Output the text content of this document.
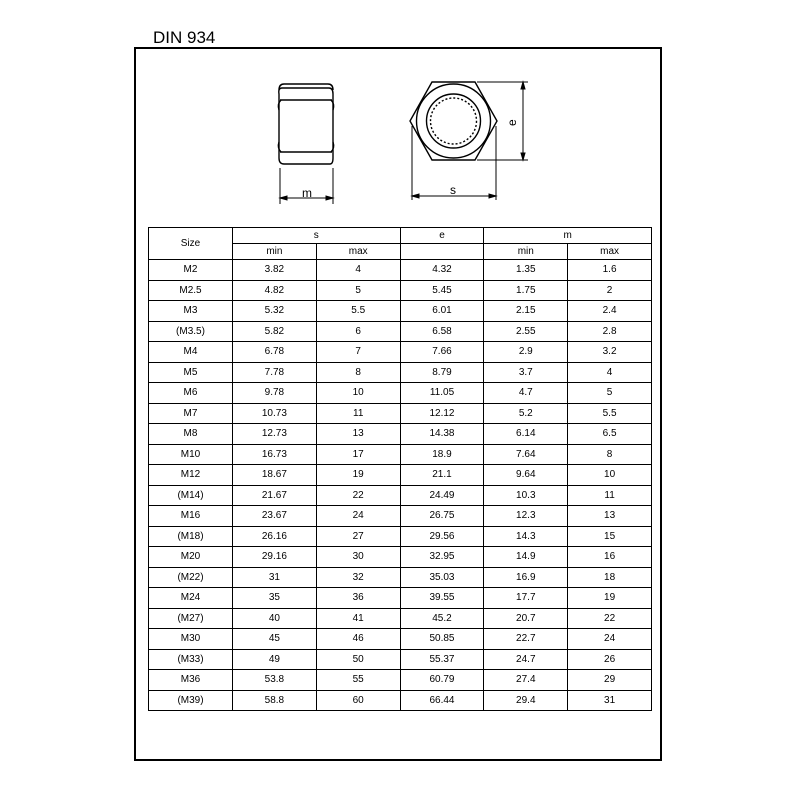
DIN 934
m	s
e
Size	s		e	m	
	min	max		min	max
M2	3.82	4	4.32	1.35	1.6
M2.5	4.82	5	5.45	1.75	2
M3	5.32	5.5	6.01	2.15	2.4
(M3.5)	5.82	6	6.58	2.55	2.8
M4	6.78	7	7.66	2.9	3.2
M5	7.78	8	8.79	3.7	4
M6	9.78	10	11.05	4.7	5
M7	10.73	11	12.12	5.2	5.5
M8	12.73	13	14.38	6.14	6.5
M10	16.73	17	18.9	7.64	8
M12	18.67	19	21.1	9.64	10
(M14)	21.67	22	24.49	10.3	11
M16	23.67	24	26.75	12.3	13
(M18)	26.16	27	29.56	14.3	15
M20	29.16	30	32.95	14.9	16
(M22)	31	32	35.03	16.9	18
M24	35	36	39.55	17.7	19
(M27)	40	41	45.2	20.7	22
M30	45	46	50.85	22.7	24
(M33)	49	50	55.37	24.7	26
M36	53.8	55	60.79	27.4	29
(M39)	58.8	60	66.44	29.4	31
